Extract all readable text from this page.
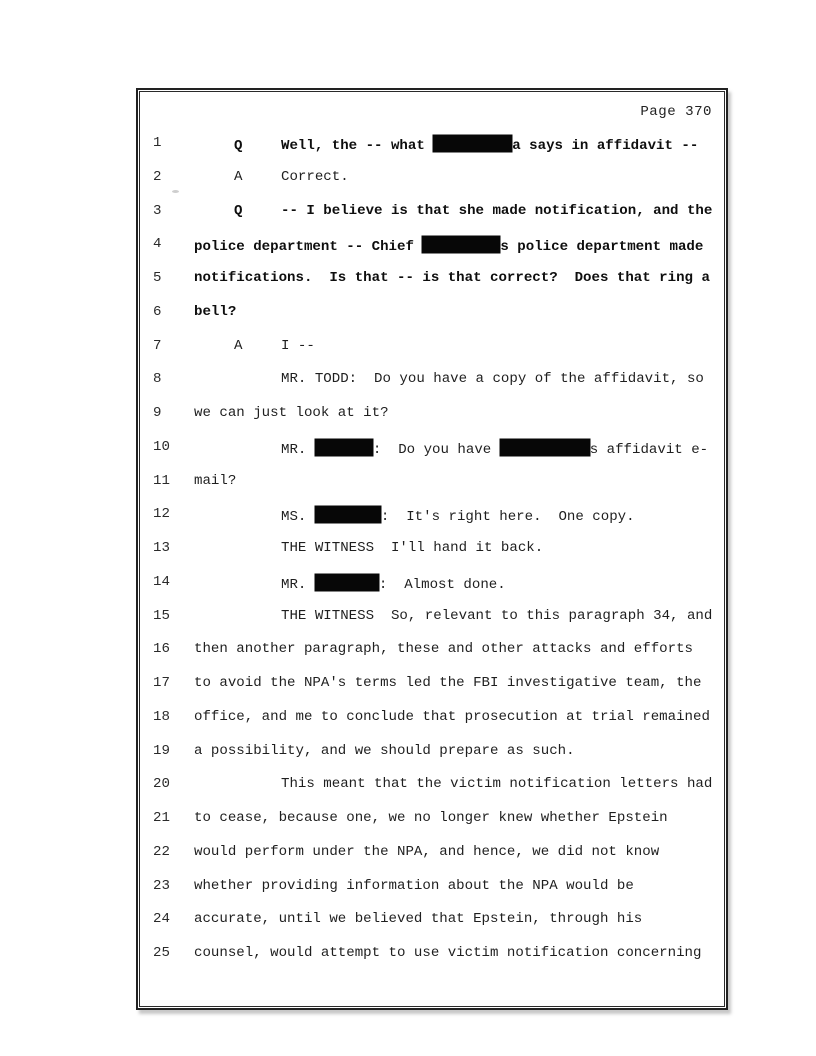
Page 370
1	Q	Well, the -- what	a says in affidavit --
2	A	Correct.
3	Q	-- I believe is that she made notification, and the
4 police department -- Chief	s police department made
5 notifications.  Is that -- is that correct?  Does that ring a
6 bell?
7	A	I --
8	MR. TODD:  Do you have a copy of the affidavit, so
9 we can just look at it?
10	MR.	:  Do you have	s affidavit e-
11 mail?
12	MS.	:  It's right here.  One copy.
13	THE WITNESS  I'll hand it back.
14	MR.	:  Almost done.
15	THE WITNESS  So, relevant to this paragraph 34, and
16 then another paragraph, these and other attacks and efforts
17 to avoid the NPA's terms led the FBI investigative team, the
18 office, and me to conclude that prosecution at trial remained
19 a possibility, and we should prepare as such.
20	This meant that the victim notification letters had
21 to cease, because one, we no longer knew whether Epstein
22 would perform under the NPA, and hence, we did not know
23 whether providing information about the NPA would be
24 accurate, until we believed that Epstein, through his
25 counsel, would attempt to use victim notification concerning
